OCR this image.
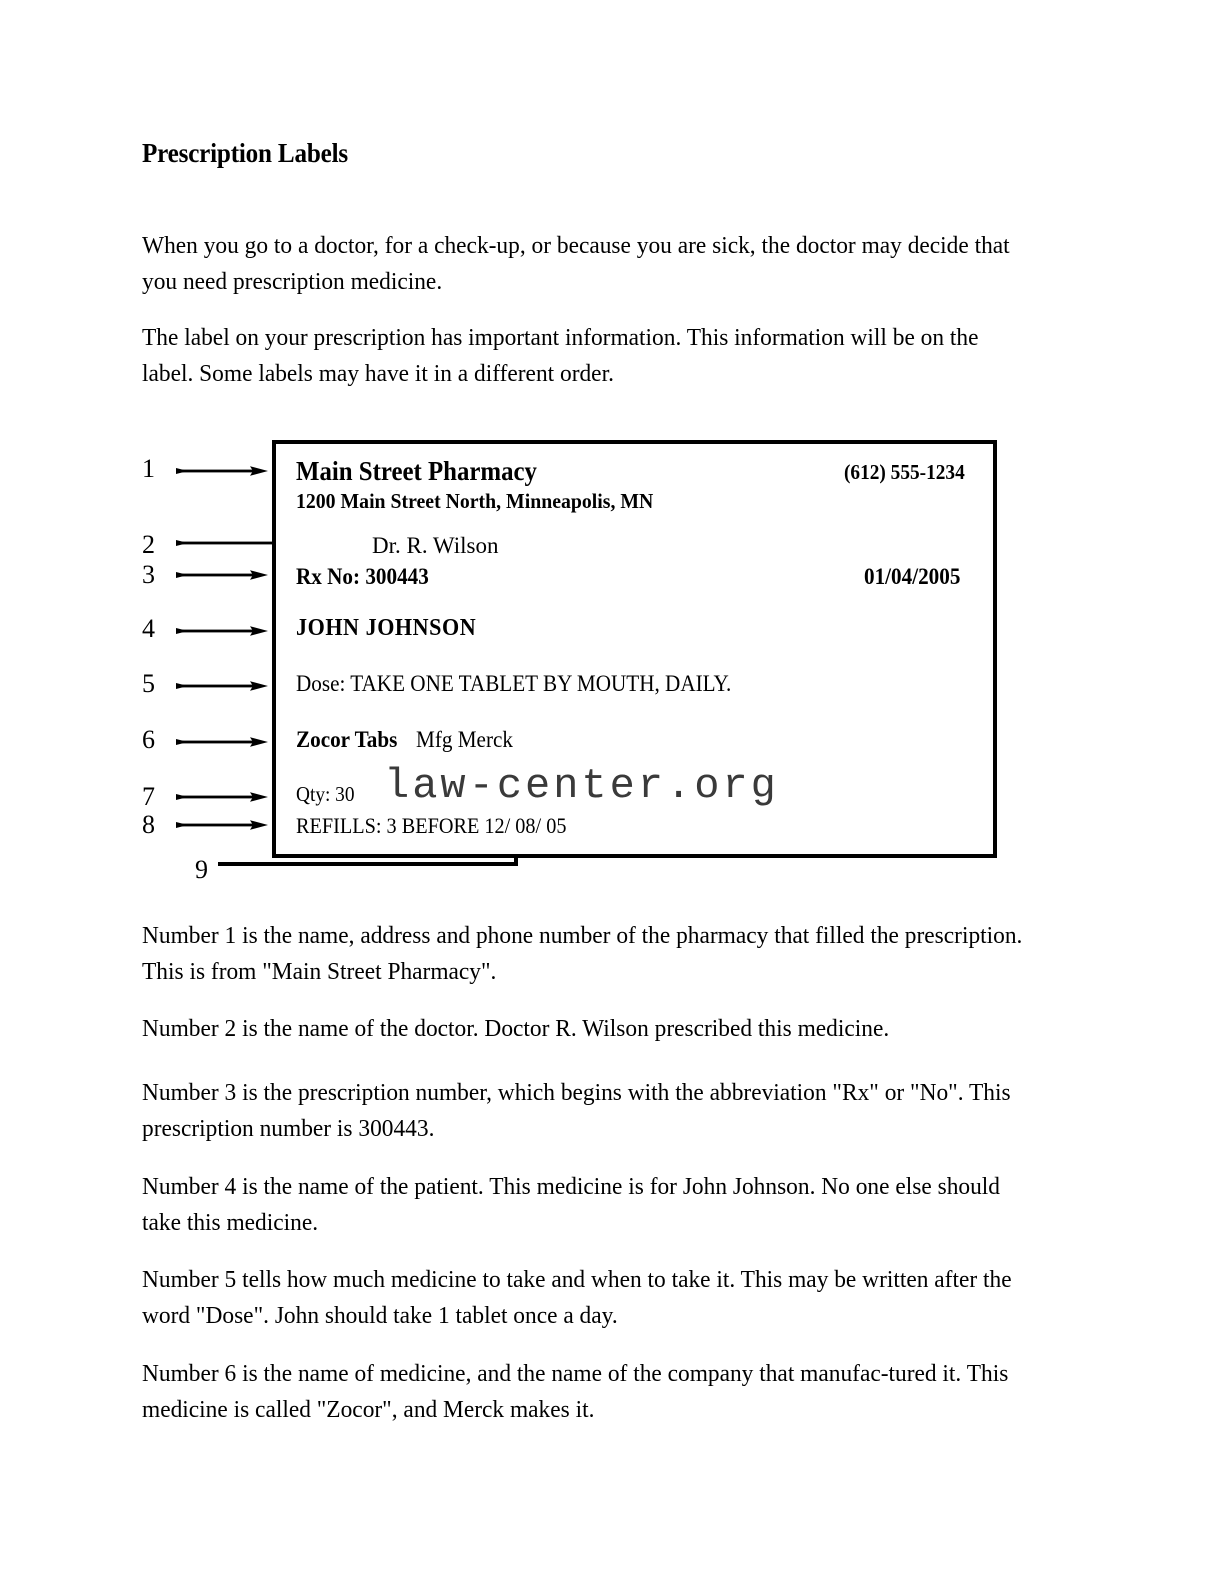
Prescription Labels
When you go to a doctor, for a check-up, or because you are sick, the doctor may decide that you need prescription medicine.
The label on your prescription has important information. This information will be on the label. Some labels may have it in a different order.
1
2
3
4
5
6
7
8
9
Main Street Pharmacy	(612) 555-1234
1200 Main Street North, Minneapolis, MN
Dr. R. Wilson
Rx No: 300443	01/04/2005
JOHN JOHNSON
Dose: TAKE ONE TABLET BY MOUTH, DAILY.
Zocor Tabs Mfg Merck
Qty: 30
REFILLS: 3 BEFORE 12/ 08/ 05
law-center.org
Number 1 is the name, address and phone number of the pharmacy that filled the prescription. This is from "Main Street Pharmacy".
Number 2 is the name of the doctor. Doctor R. Wilson prescribed this medicine.
Number 3 is the prescription number, which begins with the abbreviation "Rx" or "No". This prescription number is 300443.
Number 4 is the name of the patient. This medicine is for John Johnson. No one else should take this medicine.
Number 5 tells how much medicine to take and when to take it. This may be written after the word "Dose". John should take 1 tablet once a day.
Number 6 is the name of medicine, and the name of the company that manufac-tured it. This medicine is called "Zocor", and Merck makes it.
